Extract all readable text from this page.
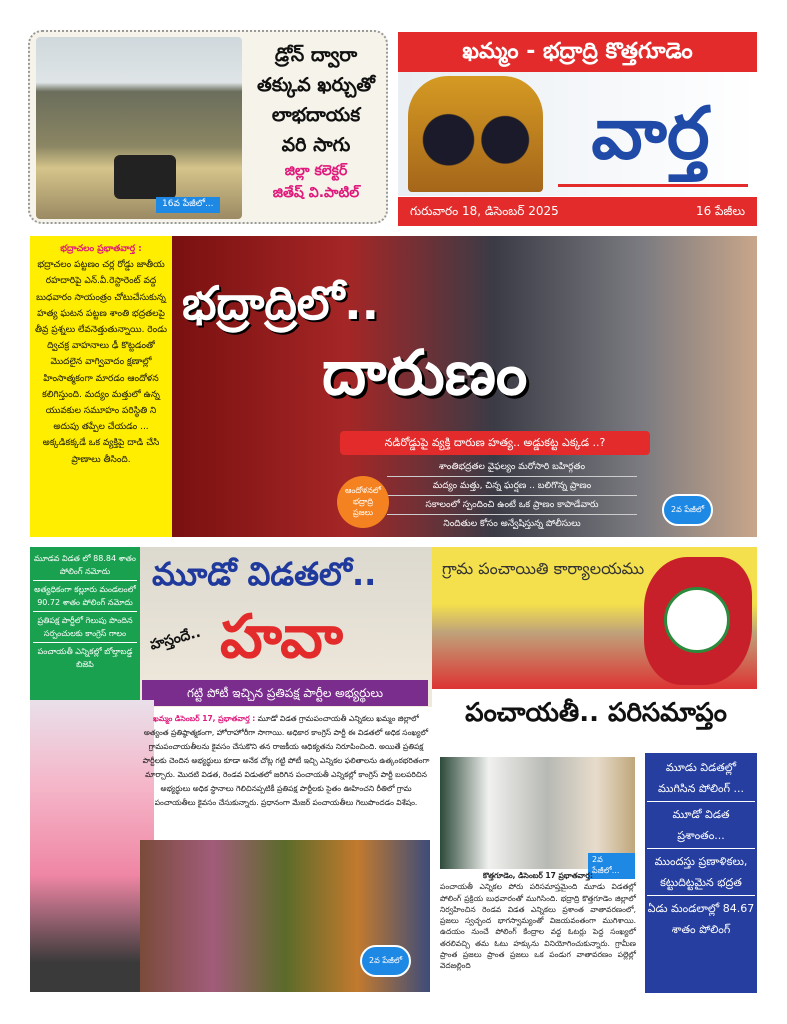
16వ పేజీలో...
డ్రోన్ ద్వారా
తక్కువ ఖర్చుతో
లాభదాయక
వరి సాగు
జిల్లా కలెక్టర్
జితేష్ వి.పాటిల్
ఖమ్మం - భద్రాద్రి కొత్తగూడెం
వార్త
గురువారం 18, డిసెంబర్ 2025	16 పేజీలు
భద్రాచలం ప్రభాతవార్త :
భద్రాచలం పట్టణం చర్ల రోడ్డు జాతీయ రహదారిపై ఎన్.వీ.రెస్టారెంట్ వద్ద బుధవారం సాయంత్రం చోటుచేసుకున్న హత్య ఘటన పట్టణ శాంతి భద్రతలపై తీవ్ర ప్రశ్నలు లేవనెత్తుతున్నాయి. రెండు ద్విచక్ర వాహనాలు ఢీ కొట్టడంతో మొదలైన వాగ్వివాదం క్షణాల్లో హింసాత్మకంగా మారడం ఆందోళన కలిగిస్తుంది. మద్యం మత్తులో ఉన్న యువకుల సమూహం పరిస్థితి ని అదుపు తప్పేల చేయడం ... అక్కడికక్కడే ఒక వ్యక్తిపై దాడి చేసి ప్రాణాలు తీసింది.
భద్రాద్రిలో..
దారుణం
నడిరోడ్డుపై వ్యక్తి దారుణ హత్య.. అడ్డుకట్ట ఎక్కడ ..?
శాంతిభద్రతల వైఫల్యం మరోసారి బహిర్గతం
మద్యం మత్తు, చిన్న ఘర్షణ .. బలిగొన్న ప్రాణం
సకాలంలో స్పందించి ఉంటే ఒక ప్రాణం కాపాడేవారు
నిందితుల కోసం అన్వేషిస్తున్న పోలీసులు
ఆందోళనలో
భద్రాద్రి
ప్రజలు	2వ పేజీలో
మూడవ విడత లో 88.84 శాతం పోలింగ్ నమోదు
అత్యధికంగా కల్లూరు మండలంలో 90.72 శాతం పోలింగ్ నమోదు
ప్రతిపక్ష పార్టీలో గెలుపు పొందిన సర్పంచులకు కాంగ్రెస్ గాలం
పంచాయతీ ఎన్నికల్లో బోల్తాబడ్డ బిజెపి
మూడో విడతలో..
హస్తందే.. హవా
గట్టి పోటీ ఇచ్చిన ప్రతిపక్ష పార్టీల అభ్యర్థులు
ఖమ్మం డిసెంబర్ 17, ప్రభాతవార్త : మూడో విడత గ్రామపంచాయతీ ఎన్నికలు ఖమ్మం జిల్లాలో అత్యంత ప్రతిష్ఠాత్మకంగా, హోరాహోరీగా సాగాయి. అధికార కాంగ్రెస్ పార్టీ ఈ విడతలో అధిక సంఖ్యలో గ్రామపంచాయతీలను కైవసం చేసుకొని తన రాజకీయ ఆధిక్యతను నిరూపించింది. అయితే ప్రతిపక్ష పార్టీలకు చెందిన అభ్యర్థులు కూడా అనేక చోట్ల గట్టి పోటీ ఇచ్చి ఎన్నికల ఫలితాలను ఉత్కంఠభరితంగా మార్చారు. మొదటి విడత, రెండవ విడుతలో జరిగిన పంచాయతీ ఎన్నికల్లో కాంగ్రెస్ పార్టీ బలపరిచిన అభ్యర్థులు అధిక స్థానాలు గెలిచినప్పటికీ ప్రతిపక్ష పార్టీలకు సైతం ఊహించని రీతిలో గ్రామ పంచాయతీలు కైవసం చేసుకున్నారు. ప్రధానంగా మేజర్ పంచాయతీలు గెలుపొందడం విశేషం.
2వ పేజీలో
గ్రామ పంచాయితి కార్యాలయము
పంచాయతీ.. పరిసమాప్తం
2వ పేజీలో...
కొత్తగూడెం, డిసెంబర్ 17 ప్రభాతవార్త:
పంచాయతీ ఎన్నికల పోరు పరిసమాప్తమైంది మూడు విడతల్లో పోలింగ్ ప్రక్రియ బుధవారంతో ముగిసింది. భద్రాద్రి కొత్తగూడెం జిల్లాలో నిర్వహించిన రెండవ విడత ఎన్నికలు ప్రశాంత వాతావరణంలో, ప్రజలు స్వచ్ఛంద భాగస్వామ్యంతో విజయవంతంగా ముగిశాయి. ఉదయం నుంచే పోలింగ్ కేంద్రాల వద్ద ఓటర్లు పెద్ద సంఖ్యలో తరలివచ్చి తమ ఓటు హక్కును వినియోగించుకున్నారు. గ్రామీణ ప్రాంత ప్రజలు ప్రాంత ప్రజలు ఒక పండుగ వాతావరణం పల్లెల్లో వెదజల్లింది
మూడు విడతల్లో ముగిసిన పోలింగ్ ...
మూడో విడత ప్రశాంతం...
ముందస్తు ప్రణాళికలు, కట్టుదిట్టమైన భద్రత
ఏడు మండలాల్లో 84.67 శాతం పోలింగ్
